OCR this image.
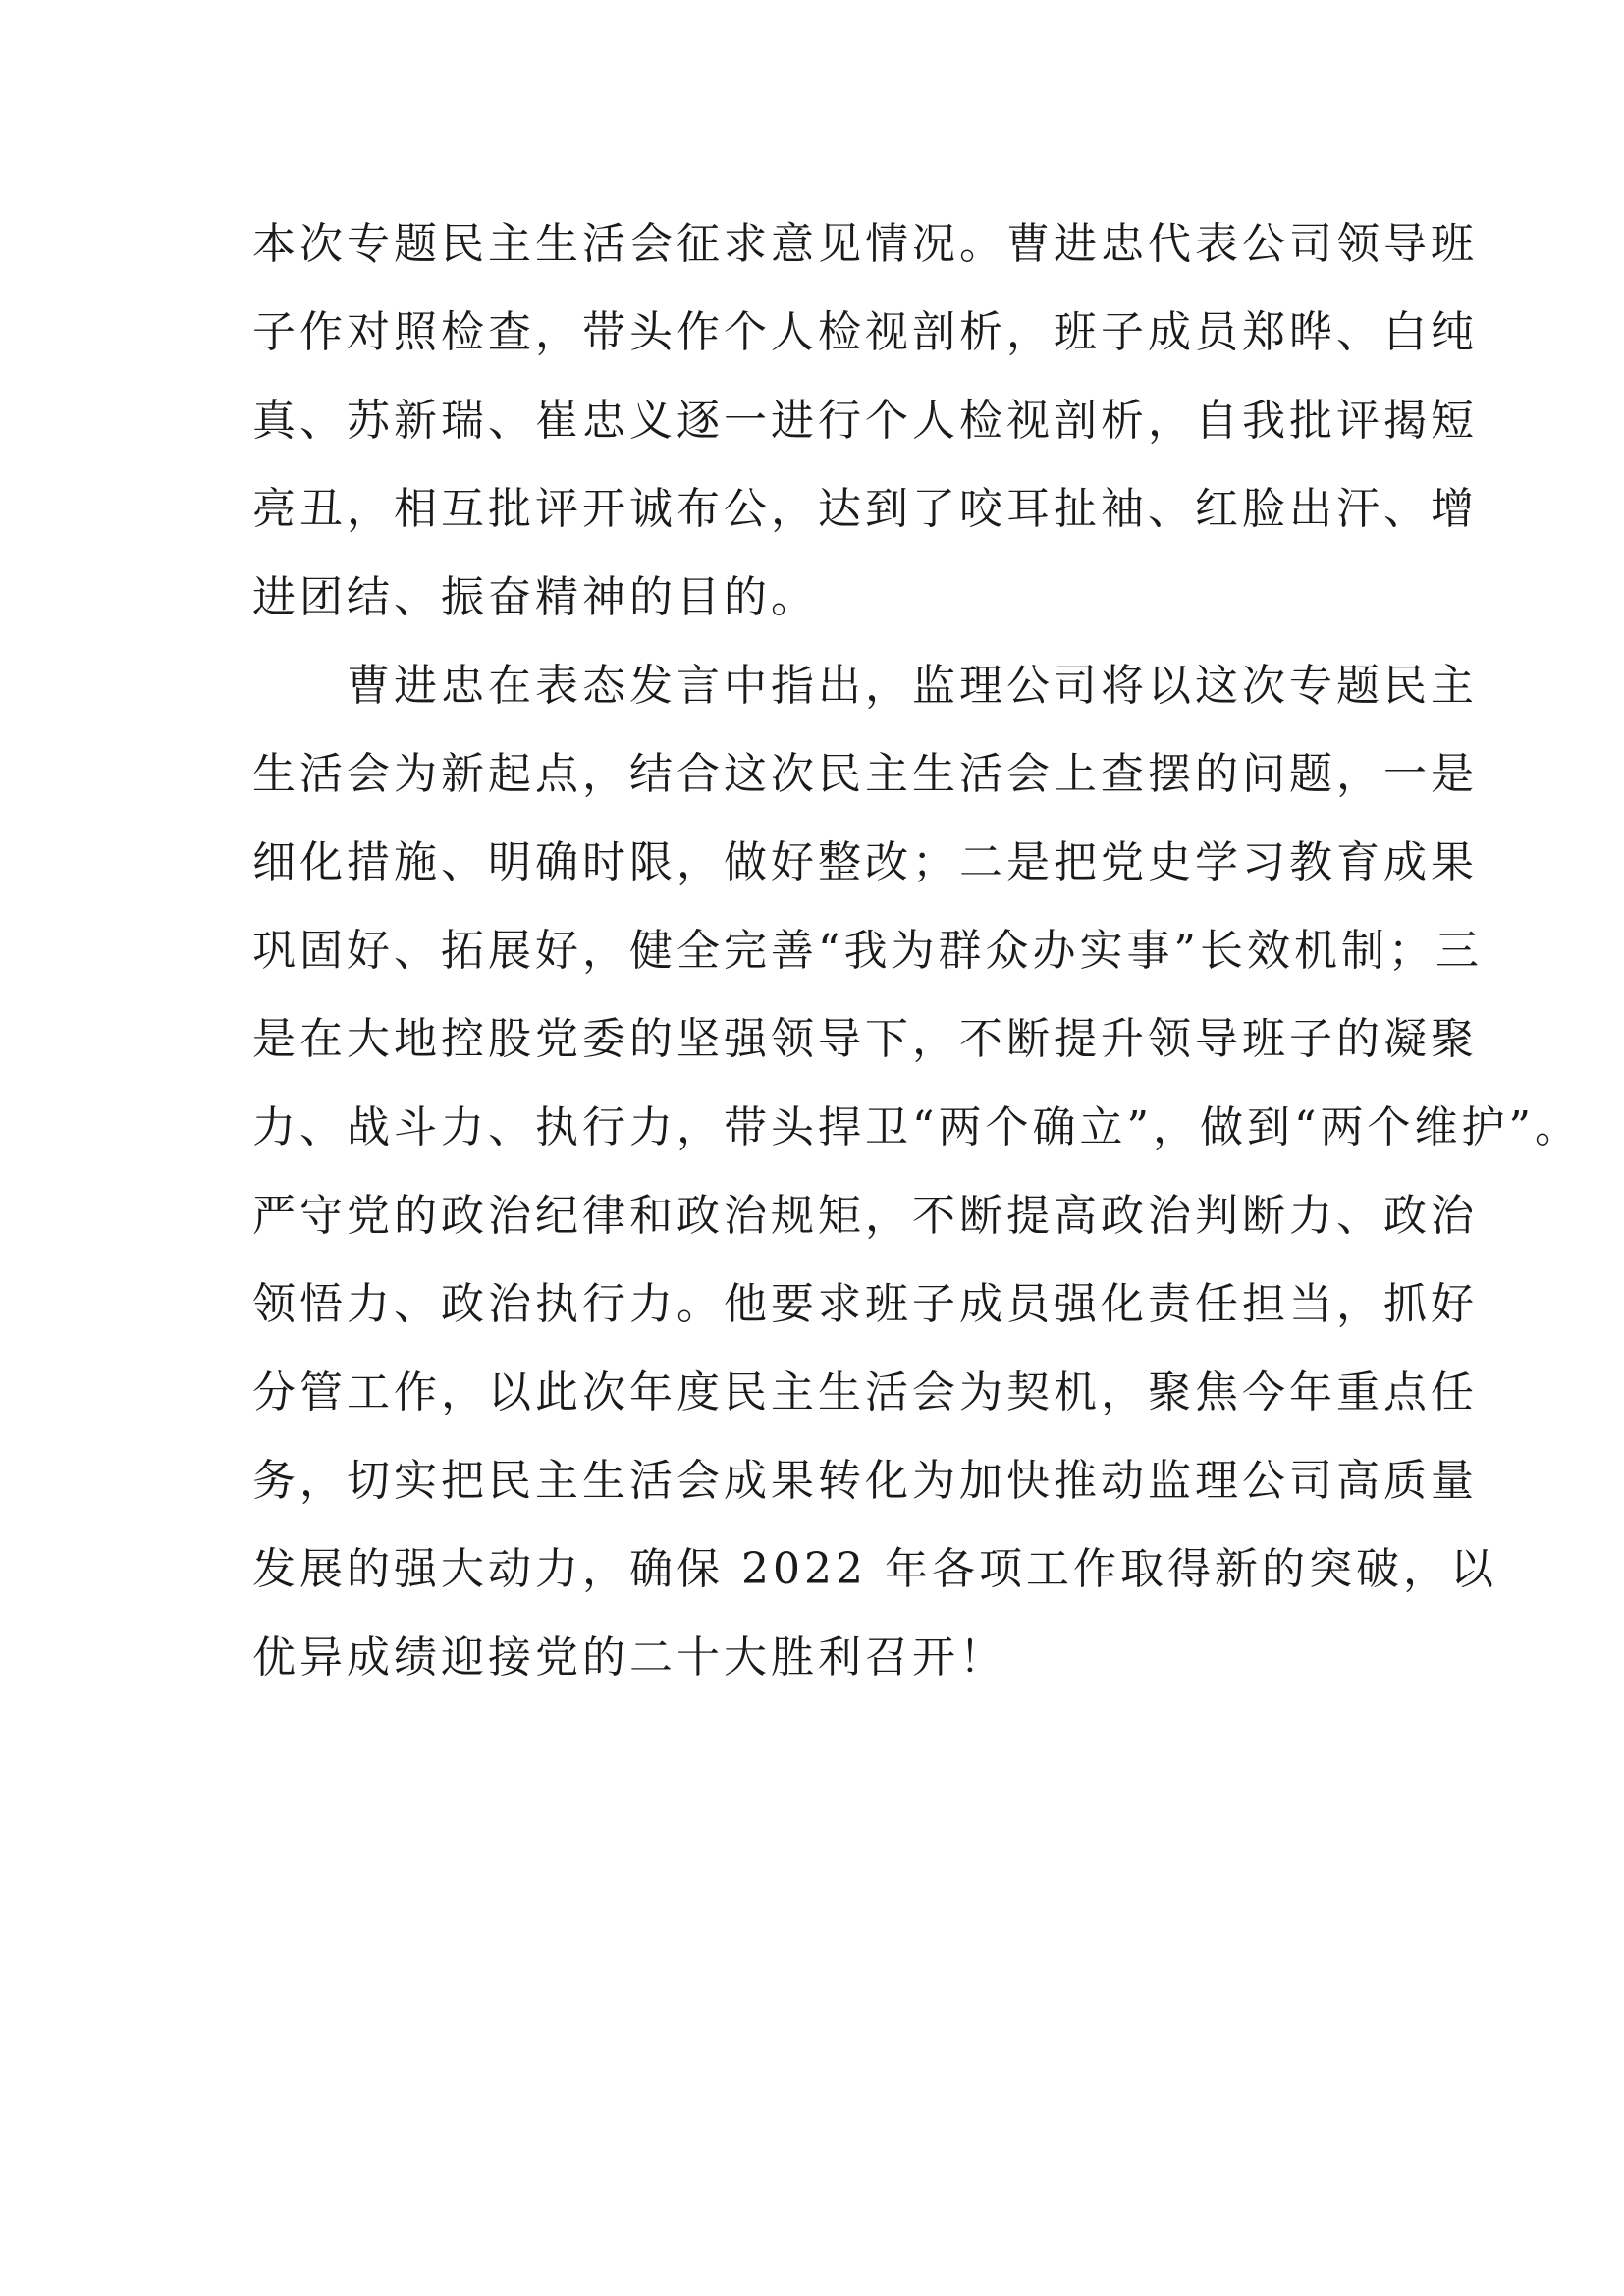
本次专题民主生活会征求意见情况。曹进忠代表公司领导班
子作对照检查，带头作个人检视剖析，班子成员郑晔、白纯
真、苏新瑞、崔忠义逐一进行个人检视剖析，自我批评揭短
亮丑，相互批评开诚布公，达到了咬耳扯袖、红脸出汗、增
进团结、振奋精神的目的。
　　曹进忠在表态发言中指出，监理公司将以这次专题民主
生活会为新起点，结合这次民主生活会上查摆的问题，一是
细化措施、明确时限，做好整改；二是把党史学习教育成果
巩固好、拓展好，健全完善“我为群众办实事”长效机制；三
是在大地控股党委的坚强领导下，不断提升领导班子的凝聚
力、战斗力、执行力，带头捍卫“两个确立”，做到“两个维护”。
严守党的政治纪律和政治规矩，不断提高政治判断力、政治
领悟力、政治执行力。他要求班子成员强化责任担当，抓好
分管工作，以此次年度民主生活会为契机，聚焦今年重点任
务，切实把民主生活会成果转化为加快推动监理公司高质量
发展的强大动力，确保 2022 年各项工作取得新的突破，以
优异成绩迎接党的二十大胜利召开！
